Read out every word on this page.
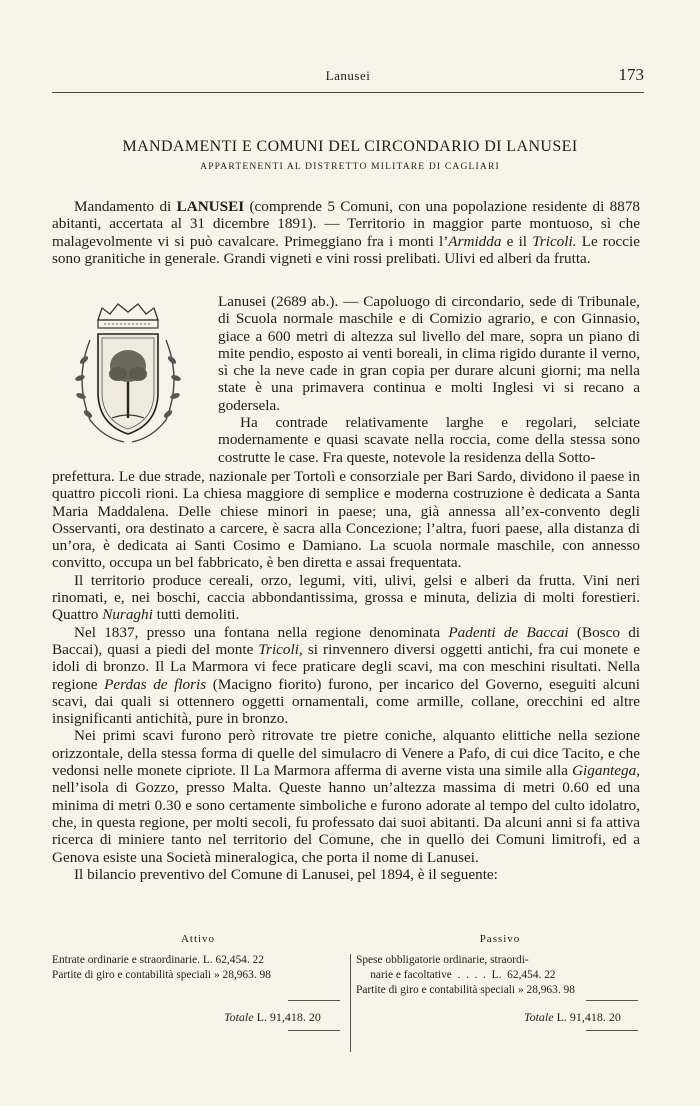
Lanusei	173
MANDAMENTI E COMUNI DEL CIRCONDARIO DI LANUSEI
APPARTENENTI AL DISTRETTO MILITARE DI CAGLIARI

Mandamento di LANUSEI (comprende 5 Comuni, con una popolazione residente di 8878 abitanti, accertata al 31 dicembre 1891). — Territorio in maggior parte montuoso, sì che malagevolmente vi si può cavalcare. Primeggiano fra i monti l’Armidda e il Tricoli. Le roccie sono granitiche in generale. Grandi vigneti e vini rossi prelibati. Ulivi ed alberi da frutta.

Lanusei (2689 ab.). — Capoluogo di circondario, sede di Tribunale, di Scuola normale maschile e di Comizio agrario, e con Ginnasio, giace a 600 metri di altezza sul livello del mare, sopra un piano di mite pendio, esposto ai venti boreali, in clima rigido durante il verno, sì che la neve cade in gran copia per durare alcuni giorni; ma nella state è una primavera continua e molti Inglesi vi si recano a godersela.

Ha contrade relativamente larghe e regolari, selciate modernamente e quasi scavate nella roccia, come della stessa sono costrutte le case. Fra queste, notevole la residenza della Sotto-

prefettura. Le due strade, nazionale per Tortolì e consorziale per Bari Sardo, dividono il paese in quattro piccoli rioni. La chiesa maggiore di semplice e moderna costruzione è dedicata a Santa Maria Maddalena. Delle chiese minori in paese; una, già annessa all’ex-convento degli Osservanti, ora destinato a carcere, è sacra alla Concezione; l’altra, fuori paese, alla distanza di un’ora, è dedicata ai Santi Cosimo e Damiano. La scuola normale maschile, con annesso convitto, occupa un bel fabbricato, è ben diretta e assai frequentata.

Il territorio produce cereali, orzo, legumi, viti, ulivi, gelsi e alberi da frutta. Vini neri rinomati, e, nei boschi, caccia abbondantissima, grossa e minuta, delizia di molti forestieri. Quattro Nuraghi tutti demoliti.

Nel 1837, presso una fontana nella regione denominata Padenti de Baccai (Bosco di Baccai), quasi a piedi del monte Tricoli, si rinvennero diversi oggetti antichi, fra cui monete e idoli di bronzo. Il La Marmora vi fece praticare degli scavi, ma con meschini risultati. Nella regione Perdas de floris (Macigno fiorito) furono, per incarico del Governo, eseguiti alcuni scavi, dai quali si ottennero oggetti ornamentali, come armille, collane, orecchini ed altre insignificanti antichità, pure in bronzo.

Nei primi scavi furono però ritrovate tre pietre coniche, alquanto elittiche nella sezione orizzontale, della stessa forma di quelle del simulacro di Venere a Pafo, di cui dice Tacito, e che vedonsi nelle monete cipriote. Il La Marmora afferma di averne vista una simile alla Gigantega, nell’isola di Gozzo, presso Malta. Queste hanno un’altezza massima di metri 0.60 ed una minima di metri 0.30 e sono certamente simboliche e furono adorate al tempo del culto idolatro, che, in questa regione, per molti secoli, fu professato dai suoi abitanti. Da alcuni anni si fa attiva ricerca di miniere tanto nel territorio del Comune, che in quello dei Comuni limitrofi, ed a Genova esiste una Società mineralogica, che porta il nome di Lanusei.

Il bilancio preventivo del Comune di Lanusei, pel 1894, è il seguente:

Attivo
Entrate ordinarie e straordinarie. L. 62,454. 22
Partite di giro e contabilità speciali » 28,963. 98
Passivo
Spese obbligatorie ordinarie, straordi-
narie e facoltative  .  .  .  .  L.  62,454. 22
Partite di giro e contabilità speciali » 28,963. 98
Totale L. 91,418. 20	Totale L. 91,418. 20
